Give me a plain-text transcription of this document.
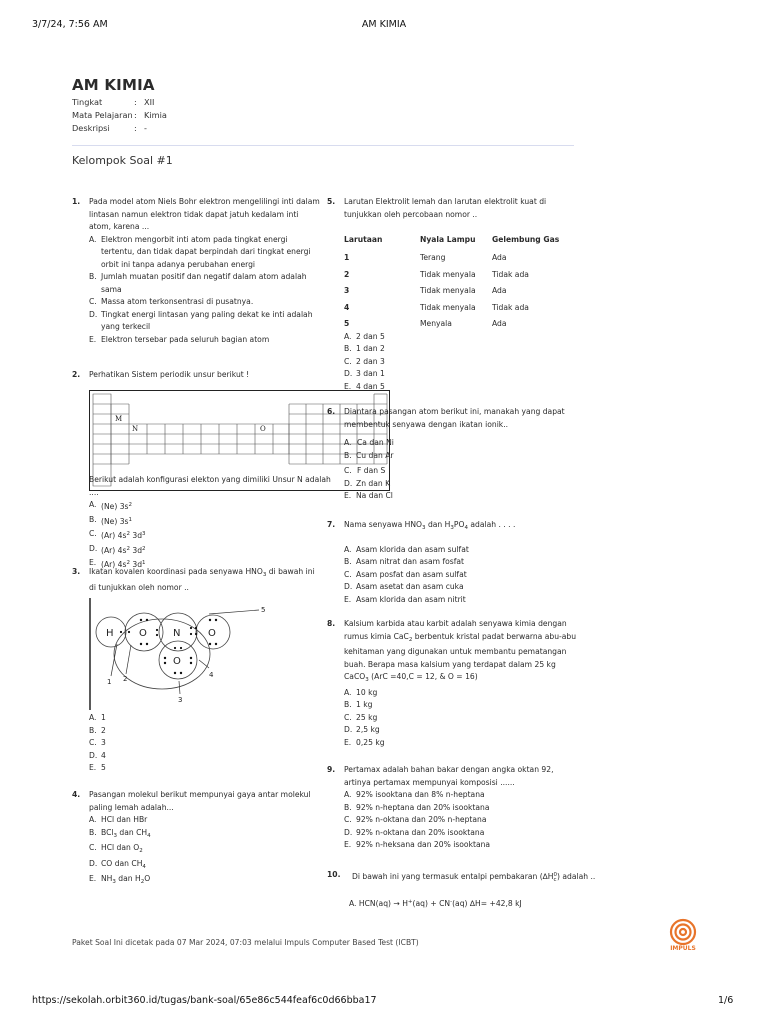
3/7/24, 7:56 AM	AM KIMIA
AM KIMIA
Tingkat	: XII
Mata Pelajaran : Kimia
Deskripsi	: -
Kelompok Soal #1
1.	Pada model atom Niels Bohr elektron mengelilingi inti dalam lintasan namun elektron tidak dapat jatuh kedalam inti atom, karena ...
A. Elektron mengorbit inti atom pada tingkat energi tertentu, dan tidak dapat berpindah dari tingkat energi orbit ini tanpa adanya perubahan energi
B. Jumlah muatan positif dan negatif dalam atom adalah sama
C. Massa atom terkonsentrasi di pusatnya.
D. Tingkat energi lintasan yang paling dekat ke inti adalah yang terkecil
E. Elektron tersebar pada seluruh bagian atom
2.	Perhatikan Sistem periodik unsur berikut !
M
N	O
Berikut adalah konfigurasi elekton yang dimiliki Unsur N adalah ....
A. (Ne) $3s^2$
B. (Ne) $3s^1$
C. (Ar) $4s^2$ $3d^3$
D. (Ar) $4s^2$ $3d^2$
E. (Ar) $4s^2$ $3d^1$
3.	Ikatan kovalen koordinasi pada senyawa $HNO_3$ di bawah ini di tunjukkan oleh nomor ..
H	O	N	O
O
5
1 2
3
4
A. 1
B. 2
C. 3
D. 4
E. 5
4.	Pasangan molekul berikut mempunyai gaya antar molekul paling lemah adalah...
A. HCl dan HBr
B. BCl$_3$ dan $CH_4$
C. HCl dan $O_2$
D. CO dan $CH_4$
E. $NH_3$ dan $H_2O$
5.	Larutan Elektrolit lemah dan larutan elektrolit kuat di tunjukkan oleh percobaan nomor ..
Larutaan	Nyala Lampu	Gelembung Gas
1	Terang	Ada
2	Tidak menyala	Tidak ada
3	Tidak menyala	Ada
4	Tidak menyala	Tidak ada
5	Menyala	Ada
A. 2 dan 5
B. 1 dan 2
C. 2 dan 3
D. 3 dan 1
E. 4 dan 5
6.	Diantara pasangan atom berikut ini, manakah yang dapat membentuk senyawa dengan ikatan ionik..
A. Ca dan Ni
B. Cu dan Ar
C. F dan S
D. Zn dan K
E. Na dan Cl
7.	Nama senyawa $HNO_3$ dan $H_3PO_4$ adalah . . . .
A. Asam klorida dan asam sulfat
B. Asam nitrat dan asam fosfat
C. Asam posfat dan asam sulfat
D. Asam asetat dan asam cuka
E. Asam klorida dan asam nitrit
8.	Kalsium karbida atau karbit adalah senyawa kimia dengan rumus kimia CaC$_2$ berbentuk kristal padat berwarna abu-abu kehitaman yang digunakan untuk membantu pematangan buah. Berapa masa kalsium yang terdapat dalam 25 kg CaCO$_3$ (ArC =40,C = 12, & O = 16)
A. 10 kg
B. 1 kg
C. 25 kg
D. 2,5 kg
E. 0,25 kg
9.	Pertamax adalah bahan bakar dengan angka oktan 92, artinya pertamax mempunyai komposisi ......
A. 92% isooktana dan 8% n-heptana
B. 92% n-heptana dan 20% isooktana
C. 92% n-oktana dan 20% n-heptana
D. 92% n-oktana dan 20% isooktana
E. 92% n-heksana dan 20% isooktana
10. Di bawah ini yang termasuk entalpi pembakaran $(\Delta H_c^0)$ adalah ..
A. HCN(aq) → H+(aq) + CN-(aq) ∆H= +42,8 kJ
Paket Soal Ini dicetak pada 07 Mar 2024, 07:03 melalui Impuls Computer Based Test (ICBT)
IMPULS
https://sekolah.orbit360.id/tugas/bank-soal/65e86c544feaf6c0d66bba17	1/6
